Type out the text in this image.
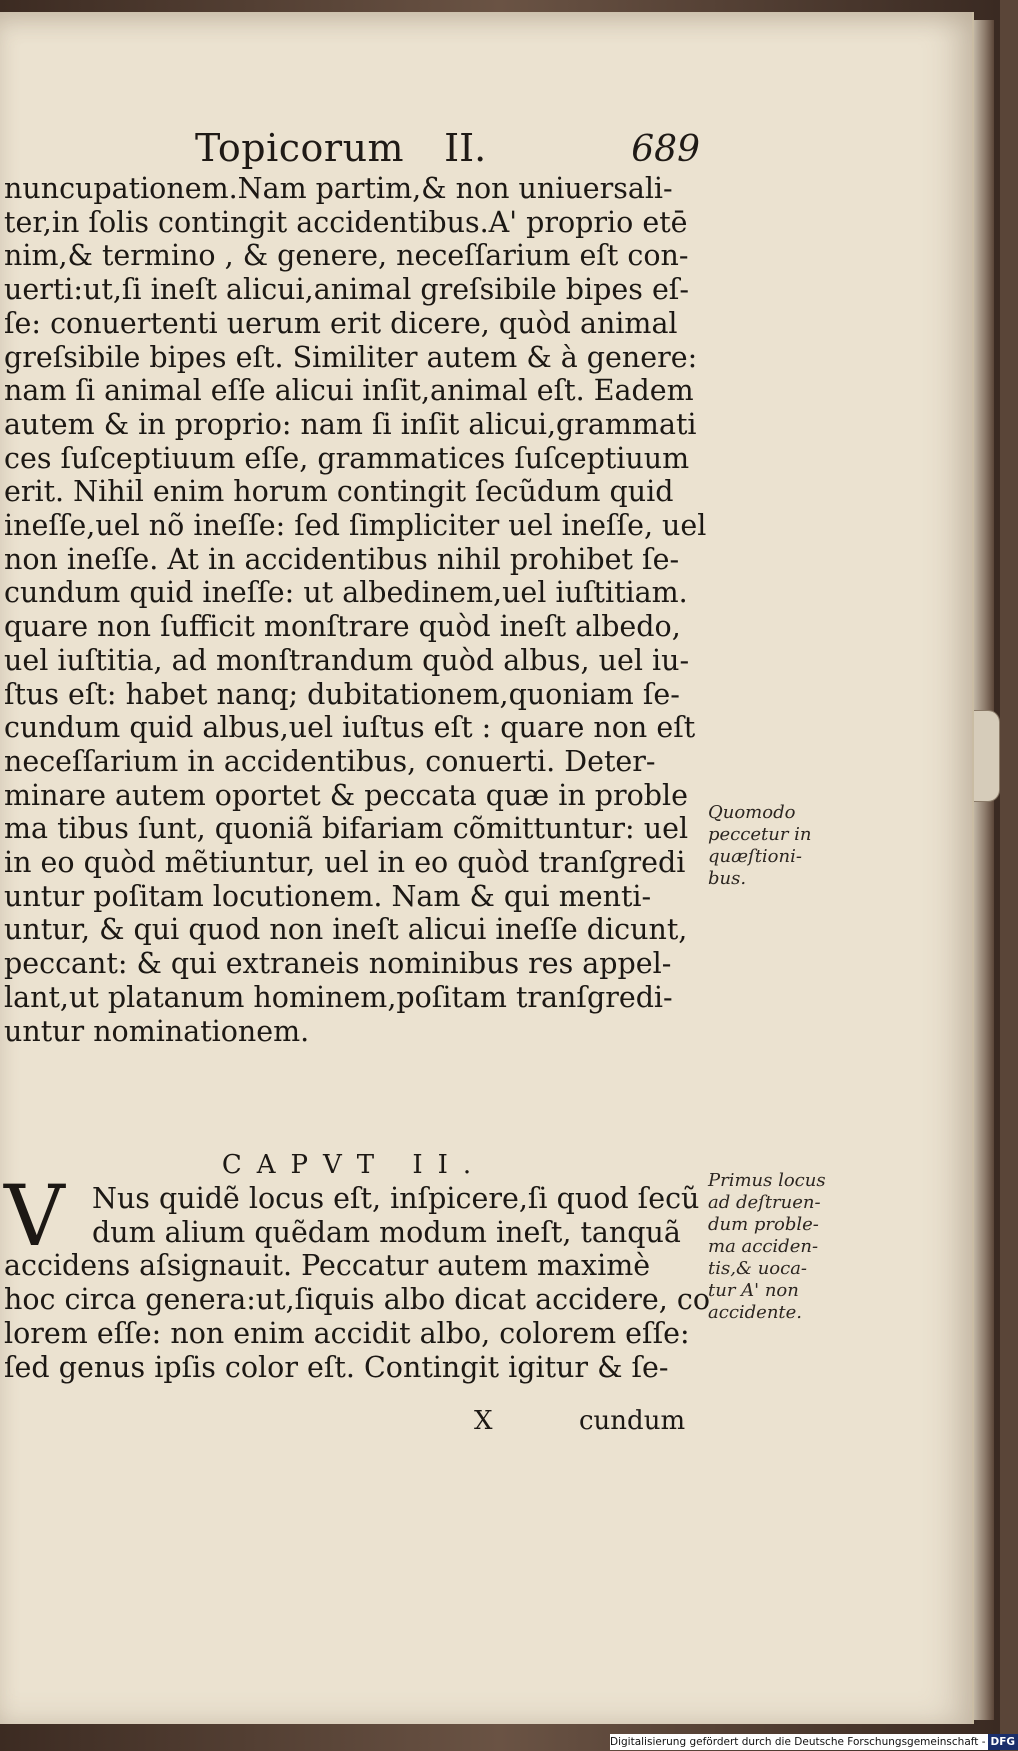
Topicorum II.	689
nuncupationem.Nam partim,& non uniuersali-
ter,in ſolis contingit accidentibus.A' proprio etē
nim,& termino , & genere, neceſſarium eſt con-
uerti:ut,ſi ineſt alicui,animal greſsibile bipes eſ-
ſe: conuertenti uerum erit dicere, quòd animal
greſsibile bipes eſt. Similiter autem & à genere:
nam ſi animal eſſe alicui inſit,animal eſt. Eadem
autem & in proprio: nam ſi inſit alicui,grammati
ces ſuſceptiuum eſſe, grammatices ſuſceptiuum
erit. Nihil enim horum contingit ſecũdum quid
ineſſe,uel nõ ineſſe: ſed ſimpliciter uel ineſſe, uel
non ineſſe. At in accidentibus nihil prohibet ſe-
cundum quid ineſſe: ut albedinem,uel iuſtitiam.
quare non ſufficit monſtrare quòd ineſt albedo,
uel iuſtitia, ad monſtrandum quòd albus, uel iu-
ſtus eſt: habet nanq; dubitationem,quoniam ſe-
cundum quid albus,uel iuſtus eſt : quare non eſt
neceſſarium in accidentibus, conuerti. Deter-
minare autem oportet & peccata quæ in proble
ma tibus ſunt, quoniã bifariam cõmittuntur: uel
in eo quòd mẽtiuntur, uel in eo quòd tranſgredi
untur poſitam locutionem. Nam & qui menti-
untur, & qui quod non ineſt alicui ineſſe dicunt,
peccant: & qui extraneis nominibus res appel-
lant,ut platanum hominem,poſitam tranſgredi-
untur nominationem.
CAPVT II.
V Nus quidẽ locus eſt, inſpicere,ſi quod ſecũ
dum alium quẽdam modum ineſt, tanquã
accidens aſsignauit. Peccatur autem maximè
hoc circa genera:ut,ſiquis albo dicat accidere, co
lorem eſſe: non enim accidit albo, colorem eſſe:
ſed genus ipſis color eſt. Contingit igitur & ſe-
X	cundum
Quomodo
peccetur in
quæſtioni-
bus.
Primus locus
ad deſtruen-
dum proble-
ma acciden-
tis,& uoca-
tur A' non
accidente.
Digitalisierung gefördert durch die Deutsche Forschungsgemeinschaft - DFG
